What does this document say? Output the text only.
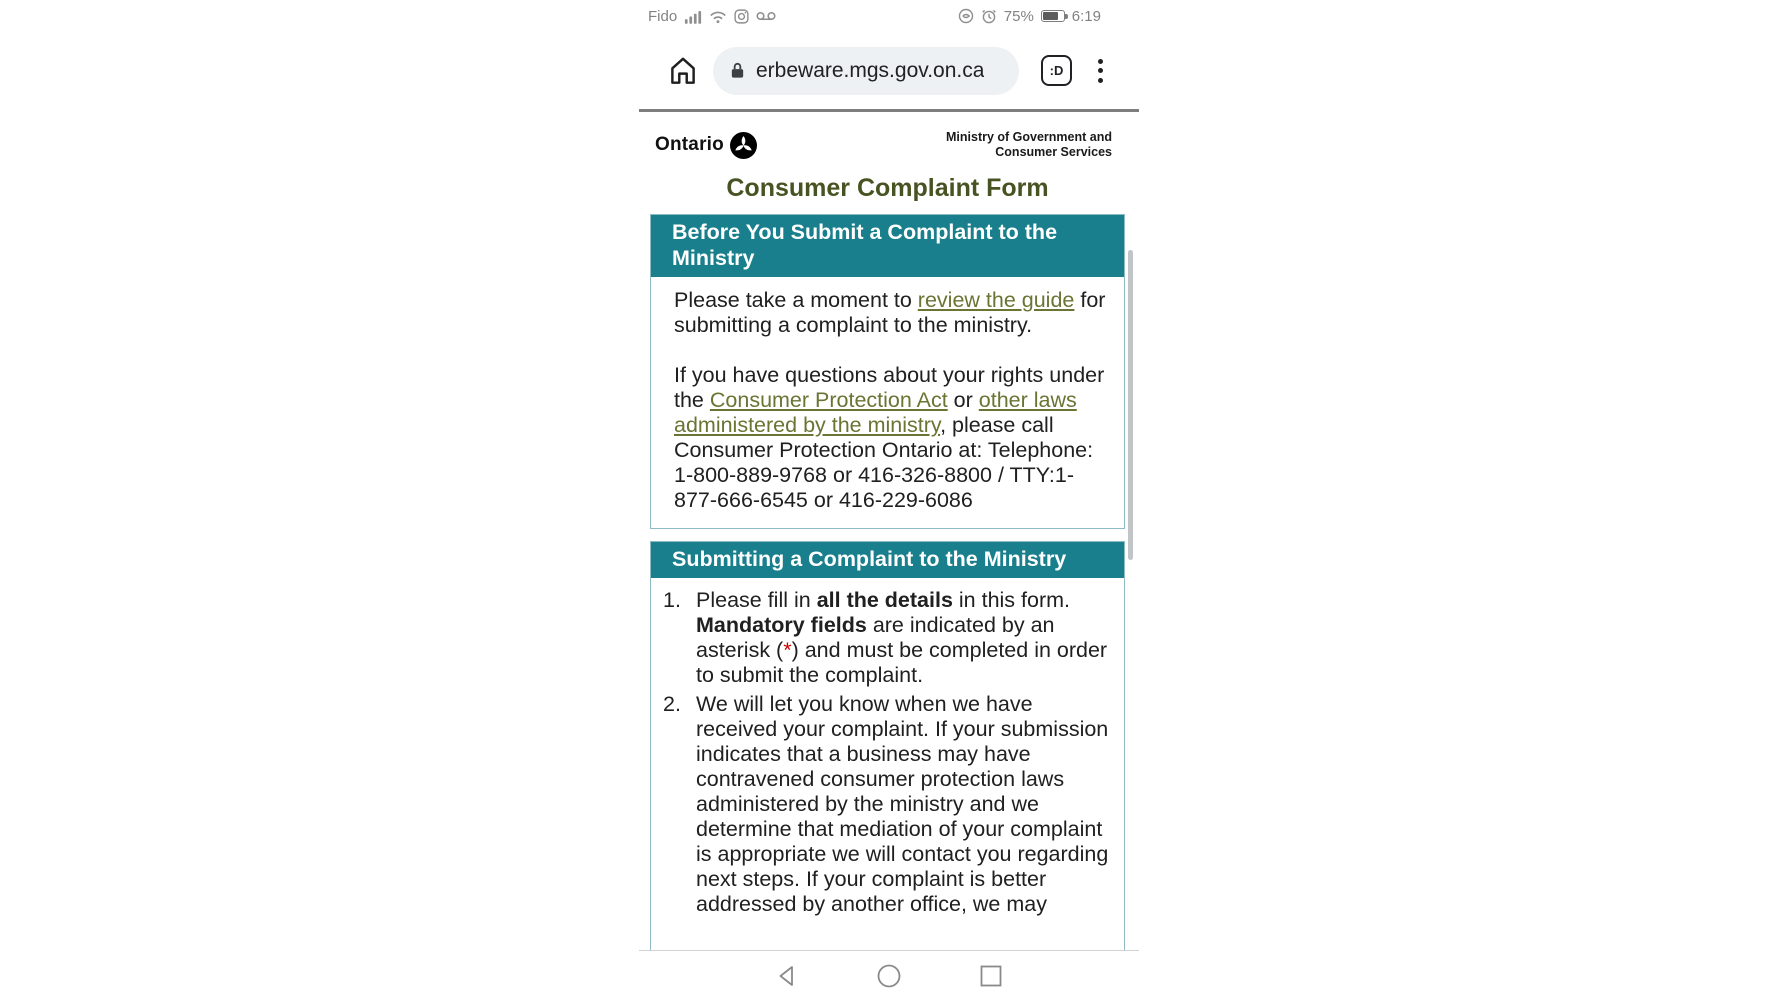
Fido	75%	6:19
erbeware.mgs.gov.on.ca	:D
Ontario	Ministry of Government and
Consumer Services
Consumer Complaint Form
Before You Submit a Complaint to the Ministry

Please take a moment to review the guide for submitting a complaint to the ministry.

If you have questions about your rights under the Consumer Protection Act or other laws administered by the ministry, please call Consumer Protection Ontario at: Telephone: 1-800-889-9768 or 416-326-8800 / TTY:1-877-666-6545 or 416-229-6086

Submitting a Complaint to the Ministry
1. Please fill in all the details in this form. Mandatory fields are indicated by an asterisk (*) and must be completed in order to submit the complaint.
2. We will let you know when we have received your complaint. If your submission indicates that a business may have contravened consumer protection laws administered by the ministry and we determine that mediation of your complaint is appropriate we will contact you regarding next steps. If your complaint is better addressed by another office, we may
